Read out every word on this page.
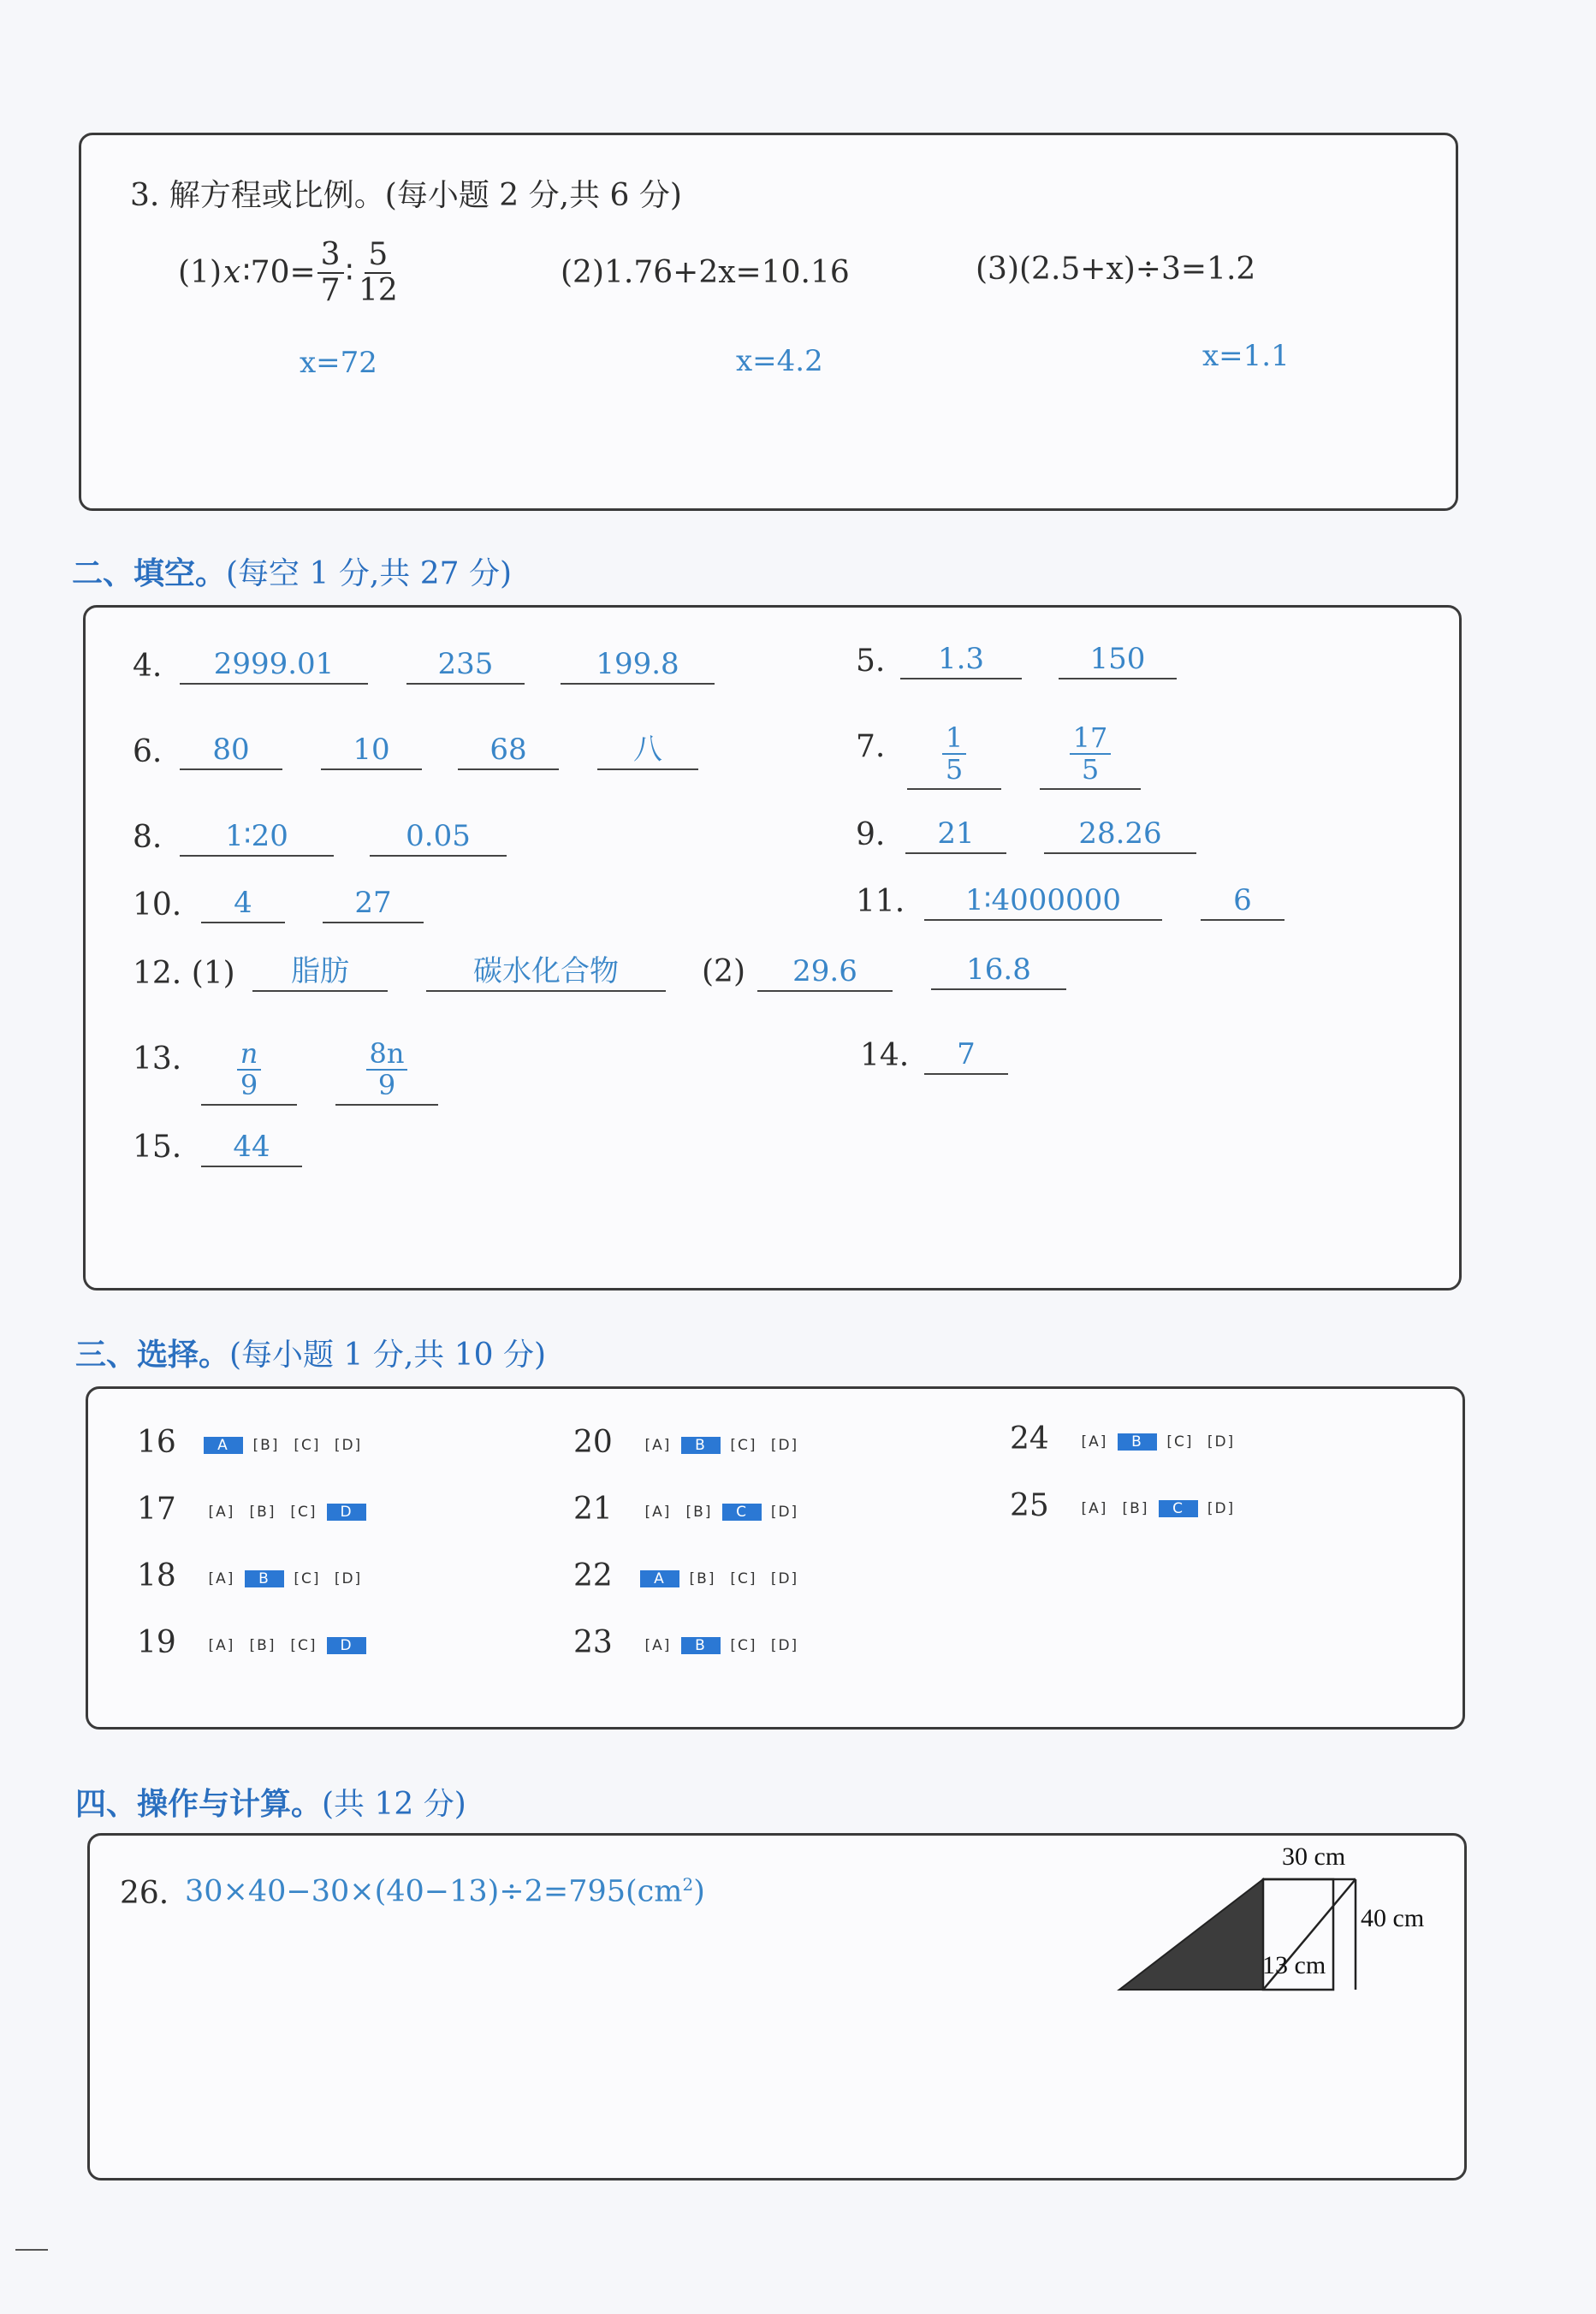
3. 解方程或比例。(每小题 2 分,共 6 分)
(1) x ∶70= $\frac{3}{7}$ ∶ $\frac{5}{12}$	(2)1.76+2x=10.16	(3)(2.5+x)÷3=1.2
x=72	x=4.2	x=1.1
二、填空。(每空 1 分,共 27 分)
4.	2999.01	235	199.8	5.	1.3	150
6.	80	10	68	八	7. $\frac{1}{5}$	$\frac{17}{5}$
8.	1∶20	0.05	9.	21	28.26
10.	4	27	11.	1∶4000000	6
12. (1)	脂肪	碳水化合物	(2)	29.6	16.8
13. $\frac{n}{9}$	$\frac{8n}{9}$	14.	7
15.	44
三、选择。(每小题 1 分,共 10 分)
16	A	[B] [C] [D]
17	[A]	[B] [C]	D
18	[A]	B	[C] [D]
19	[A]	[B] [C]	D
20	[A]	B	[C] [D]
21	[A]	[B]	C	[D]
22	A	[B] [C] [D]
23	[A]	B	[C] [D]
24	[A]	B	[C] [D]
25	[A]	[B]	C	[D]
四、操作与计算。(共 12 分)
26. $30\times 40-30\times(40-13)\div 2=795(cm^2)$
30 cm
40 cm
13 cm
